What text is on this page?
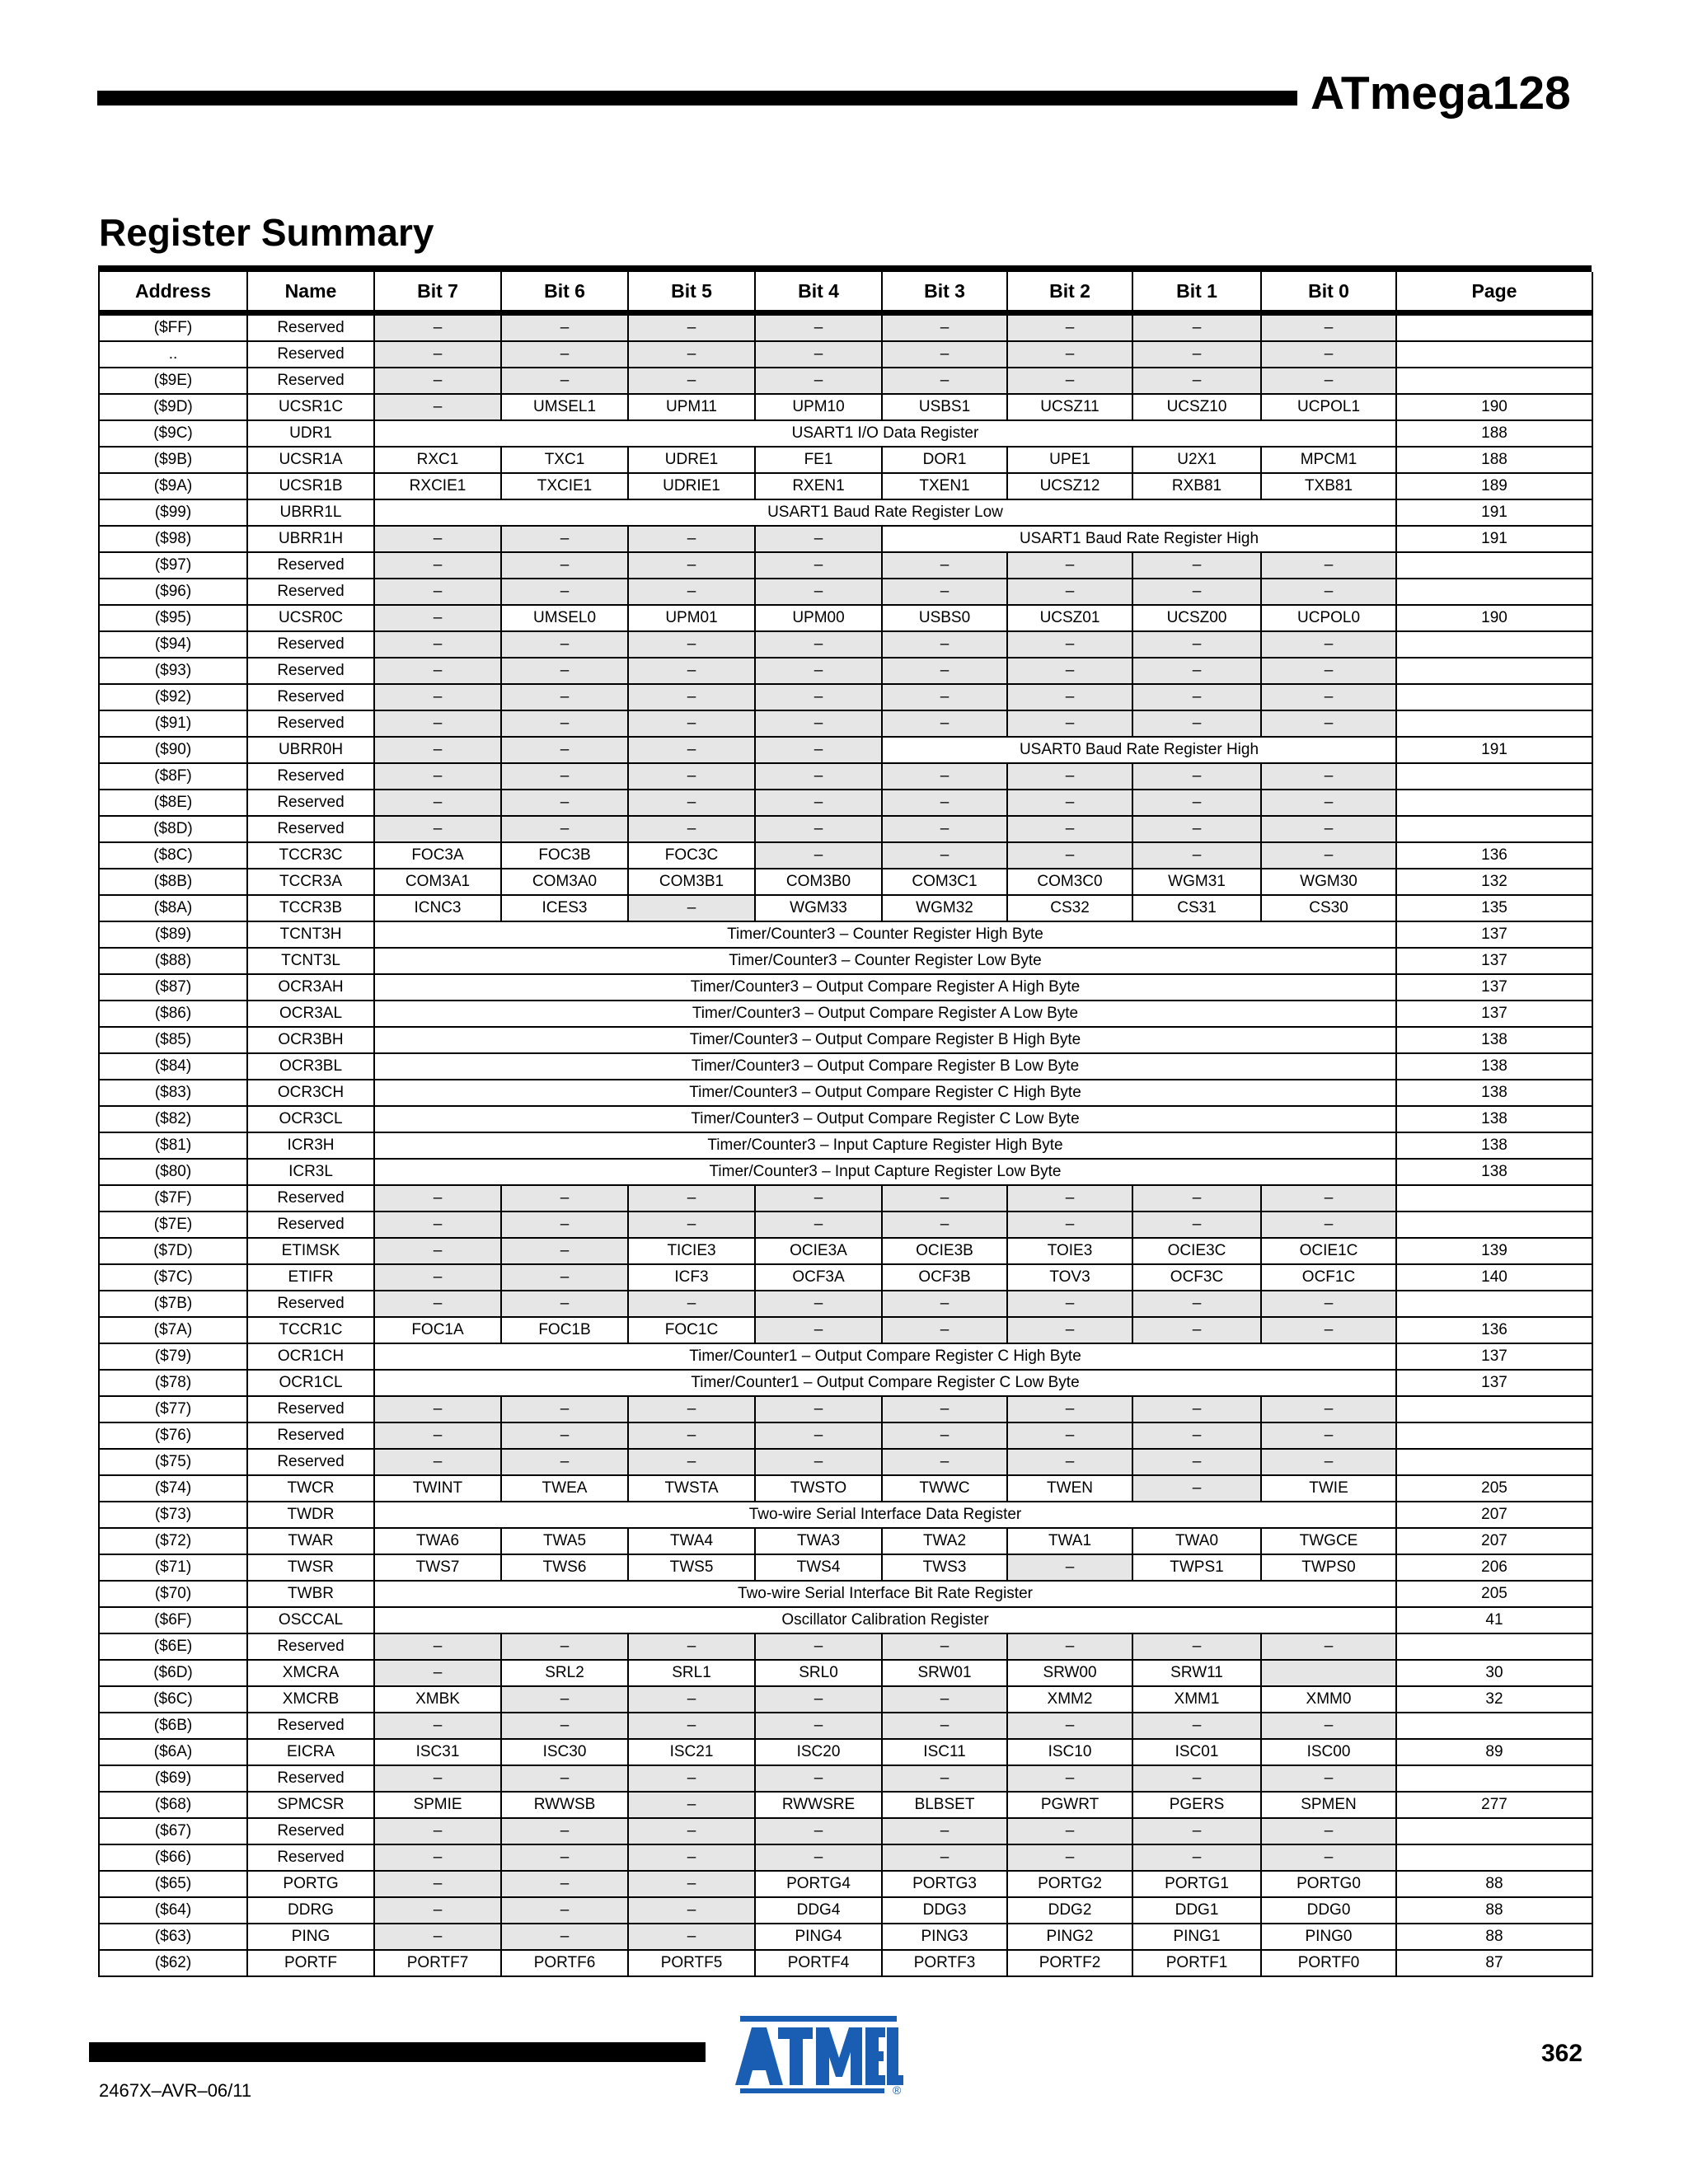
ATmega128
Register Summary
Address	Name	Bit 7	Bit 6	Bit 5	Bit 4	Bit 3	Bit 2	Bit 1	Bit 0	Page
($FF)	Reserved	–	–	–	–	–	–	–	–	
..	Reserved	–	–	–	–	–	–	–	–	
($9E)	Reserved	–	–	–	–	–	–	–	–	
($9D)	UCSR1C	–	UMSEL1	UPM11	UPM10	USBS1	UCSZ11	UCSZ10	UCPOL1	190
($9C)	UDR1	USART1 I/O Data Register								188
($9B)	UCSR1A	RXC1	TXC1	UDRE1	FE1	DOR1	UPE1	U2X1	MPCM1	188
($9A)	UCSR1B	RXCIE1	TXCIE1	UDRIE1	RXEN1	TXEN1	UCSZ12	RXB81	TXB81	189
($99)	UBRR1L	USART1 Baud Rate Register Low								191
($98)	UBRR1H	–	–	–	–	USART1 Baud Rate Register High				191
($97)	Reserved	–	–	–	–	–	–	–	–	
($96)	Reserved	–	–	–	–	–	–	–	–	
($95)	UCSR0C	–	UMSEL0	UPM01	UPM00	USBS0	UCSZ01	UCSZ00	UCPOL0	190
($94)	Reserved	–	–	–	–	–	–	–	–	
($93)	Reserved	–	–	–	–	–	–	–	–	
($92)	Reserved	–	–	–	–	–	–	–	–	
($91)	Reserved	–	–	–	–	–	–	–	–	
($90)	UBRR0H	–	–	–	–	USART0 Baud Rate Register High				191
($8F)	Reserved	–	–	–	–	–	–	–	–	
($8E)	Reserved	–	–	–	–	–	–	–	–	
($8D)	Reserved	–	–	–	–	–	–	–	–	
($8C)	TCCR3C	FOC3A	FOC3B	FOC3C	–	–	–	–	–	136
($8B)	TCCR3A	COM3A1	COM3A0	COM3B1	COM3B0	COM3C1	COM3C0	WGM31	WGM30	132
($8A)	TCCR3B	ICNC3	ICES3	–	WGM33	WGM32	CS32	CS31	CS30	135
($89)	TCNT3H	Timer/Counter3 – Counter Register High Byte								137
($88)	TCNT3L	Timer/Counter3 – Counter Register Low Byte								137
($87)	OCR3AH	Timer/Counter3 – Output Compare Register A High Byte								137
($86)	OCR3AL	Timer/Counter3 – Output Compare Register A Low Byte								137
($85)	OCR3BH	Timer/Counter3 – Output Compare Register B High Byte								138
($84)	OCR3BL	Timer/Counter3 – Output Compare Register B Low Byte								138
($83)	OCR3CH	Timer/Counter3 – Output Compare Register C High Byte								138
($82)	OCR3CL	Timer/Counter3 – Output Compare Register C Low Byte								138
($81)	ICR3H	Timer/Counter3 – Input Capture Register High Byte								138
($80)	ICR3L	Timer/Counter3 – Input Capture Register Low Byte								138
($7F)	Reserved	–	–	–	–	–	–	–	–	
($7E)	Reserved	–	–	–	–	–	–	–	–	
($7D)	ETIMSK	–	–	TICIE3	OCIE3A	OCIE3B	TOIE3	OCIE3C	OCIE1C	139
($7C)	ETIFR	–	–	ICF3	OCF3A	OCF3B	TOV3	OCF3C	OCF1C	140
($7B)	Reserved	–	–	–	–	–	–	–	–	
($7A)	TCCR1C	FOC1A	FOC1B	FOC1C	–	–	–	–	–	136
($79)	OCR1CH	Timer/Counter1 – Output Compare Register C High Byte								137
($78)	OCR1CL	Timer/Counter1 – Output Compare Register C Low Byte								137
($77)	Reserved	–	–	–	–	–	–	–	–	
($76)	Reserved	–	–	–	–	–	–	–	–	
($75)	Reserved	–	–	–	–	–	–	–	–	
($74)	TWCR	TWINT	TWEA	TWSTA	TWSTO	TWWC	TWEN	–	TWIE	205
($73)	TWDR	Two-wire Serial Interface Data Register								207
($72)	TWAR	TWA6	TWA5	TWA4	TWA3	TWA2	TWA1	TWA0	TWGCE	207
($71)	TWSR	TWS7	TWS6	TWS5	TWS4	TWS3	–	TWPS1	TWPS0	206
($70)	TWBR	Two-wire Serial Interface Bit Rate Register								205
($6F)	OSCCAL	Oscillator Calibration Register								41
($6E)	Reserved	–	–	–	–	–	–	–	–	
($6D)	XMCRA	–	SRL2	SRL1	SRL0	SRW01	SRW00	SRW11		30
($6C)	XMCRB	XMBK	–	–	–	–	XMM2	XMM1	XMM0	32
($6B)	Reserved	–	–	–	–	–	–	–	–	
($6A)	EICRA	ISC31	ISC30	ISC21	ISC20	ISC11	ISC10	ISC01	ISC00	89
($69)	Reserved	–	–	–	–	–	–	–	–	
($68)	SPMCSR	SPMIE	RWWSB	–	RWWSRE	BLBSET	PGWRT	PGERS	SPMEN	277
($67)	Reserved	–	–	–	–	–	–	–	–	
($66)	Reserved	–	–	–	–	–	–	–	–	
($65)	PORTG	–	–	–	PORTG4	PORTG3	PORTG2	PORTG1	PORTG0	88
($64)	DDRG	–	–	–	DDG4	DDG3	DDG2	DDG1	DDG0	88
($63)	PING	–	–	–	PING4	PING3	PING2	PING1	PING0	88
($62)	PORTF	PORTF7	PORTF6	PORTF5	PORTF4	PORTF3	PORTF2	PORTF1	PORTF0	87
®
362
2467X–AVR–06/11
